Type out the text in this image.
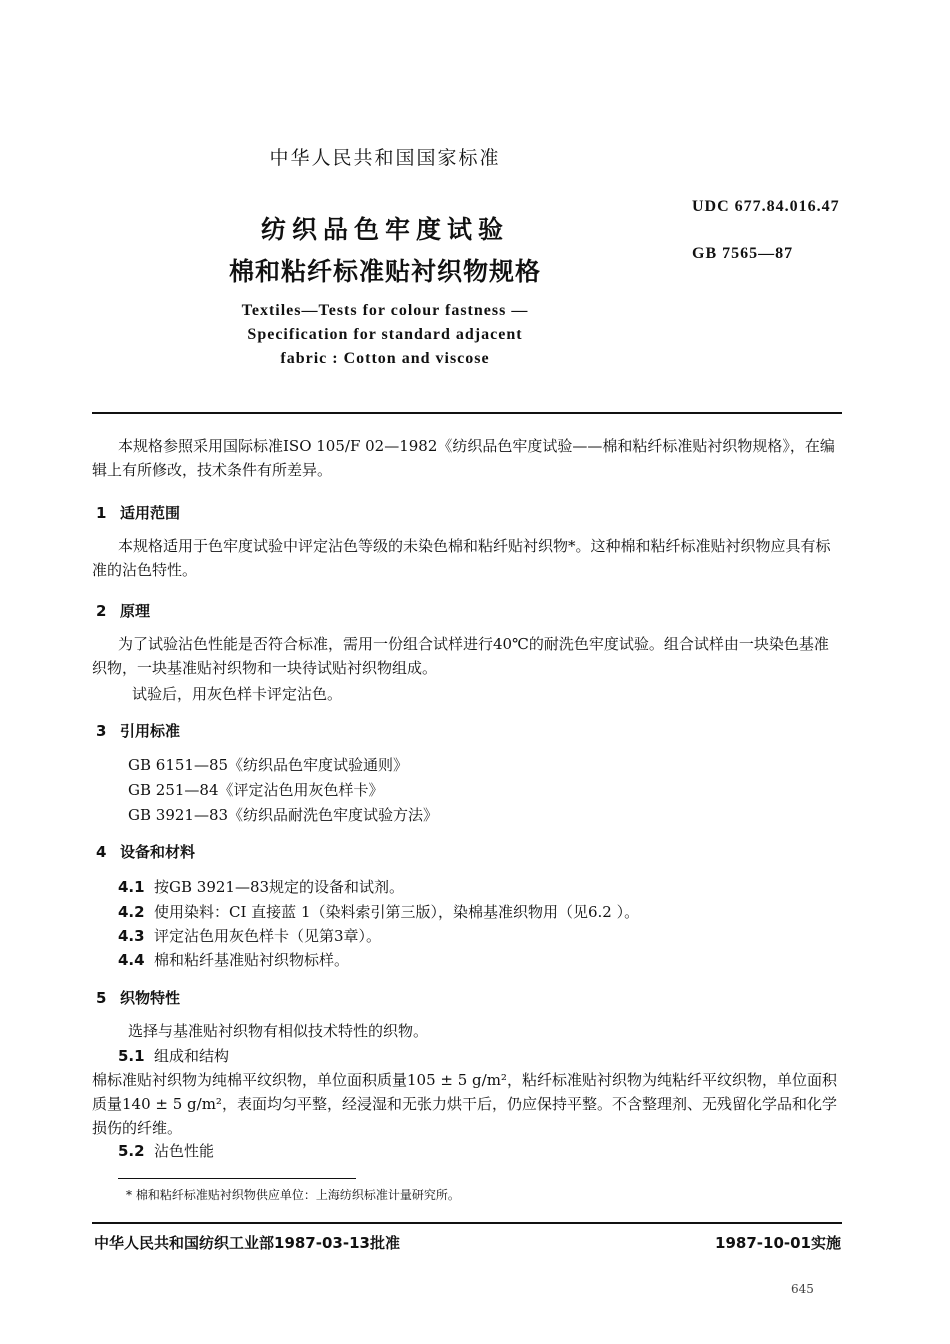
中华人民共和国国家标准
纺织品色牢度试验
棉和粘纤标准贴衬织物规格
Textiles—Tests for colour fastness —
Specification for standard adjacent
fabric : Cotton and viscose
UDC 677.84.016.47
GB 7565—87
本规格参照采用国际标准ISO 105/F 02—1982《纺织品色牢度试验——棉和粘纤标准贴衬织物规格》，在编辑上有所修改，技术条件有所差异。
1 适用范围
本规格适用于色牢度试验中评定沾色等级的未染色棉和粘纤贴衬织物*。这种棉和粘纤标准贴衬织物应具有标准的沾色特性。
2 原理
为了试验沾色性能是否符合标准，需用一份组合试样进行40℃的耐洗色牢度试验。组合试样由一块染色基准织物，一块基准贴衬织物和一块待试贴衬织物组成。
试验后，用灰色样卡评定沾色。
3 引用标准
GB 6151—85《纺织品色牢度试验通则》
GB 251—84《评定沾色用灰色样卡》
GB 3921—83《纺织品耐洗色牢度试验方法》
4 设备和材料
4.1 按GB 3921—83规定的设备和试剂。
4.2 使用染料：CI 直接蓝 1（染料索引第三版），染棉基准织物用（见6.2 ）。
4.3 评定沾色用灰色样卡（见第3章）。
4.4 棉和粘纤基准贴衬织物标样。
5 织物特性
选择与基准贴衬织物有相似技术特性的织物。
5.1 组成和结构
棉标准贴衬织物为纯棉平纹织物，单位面积质量105 ± 5 g/m²，粘纤标准贴衬织物为纯粘纤平纹织物，单位面积质量140 ± 5 g/m²，表面均匀平整，经浸湿和无张力烘干后，仍应保持平整。不含整理剂、无残留化学品和化学损伤的纤维。
5.2 沾色性能
* 棉和粘纤标准贴衬织物供应单位：上海纺织标准计量研究所。
中华人民共和国纺织工业部1987-03-13批准	1987-10-01实施
645
